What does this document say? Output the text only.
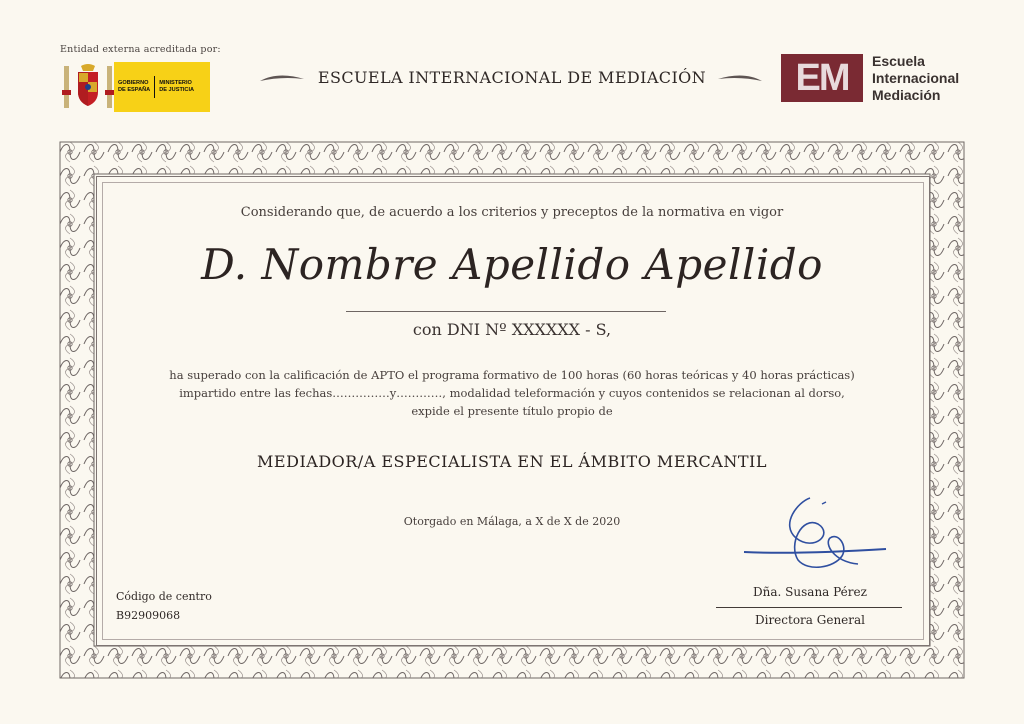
Entidad externa acreditada por:
GOBIERNO
DE ESPAÑAMINISTERIO
DE JUSTICIA
ESCUELA INTERNACIONAL DE MEDIACIÓN	EM Escuela
Internacional
Mediación
Considerando que, de acuerdo a los criterios y preceptos de la normativa en vigor
D. Nombre Apellido Apellido
con DNI Nº XXXXXX - S,
ha superado con la calificación de APTO el programa formativo de 100 horas (60 horas teóricas y 40 horas prácticas)
impartido entre las fechas……………y…………, modalidad teleformación y cuyos contenidos se relacionan al dorso,
expide el presente título propio de
MEDIADOR/A ESPECIALISTA EN EL ÁMBITO MERCANTIL
Otorgado en Málaga, a X de X de 2020
Código de centro
B92909068
Dña. Susana Pérez
Directora General
